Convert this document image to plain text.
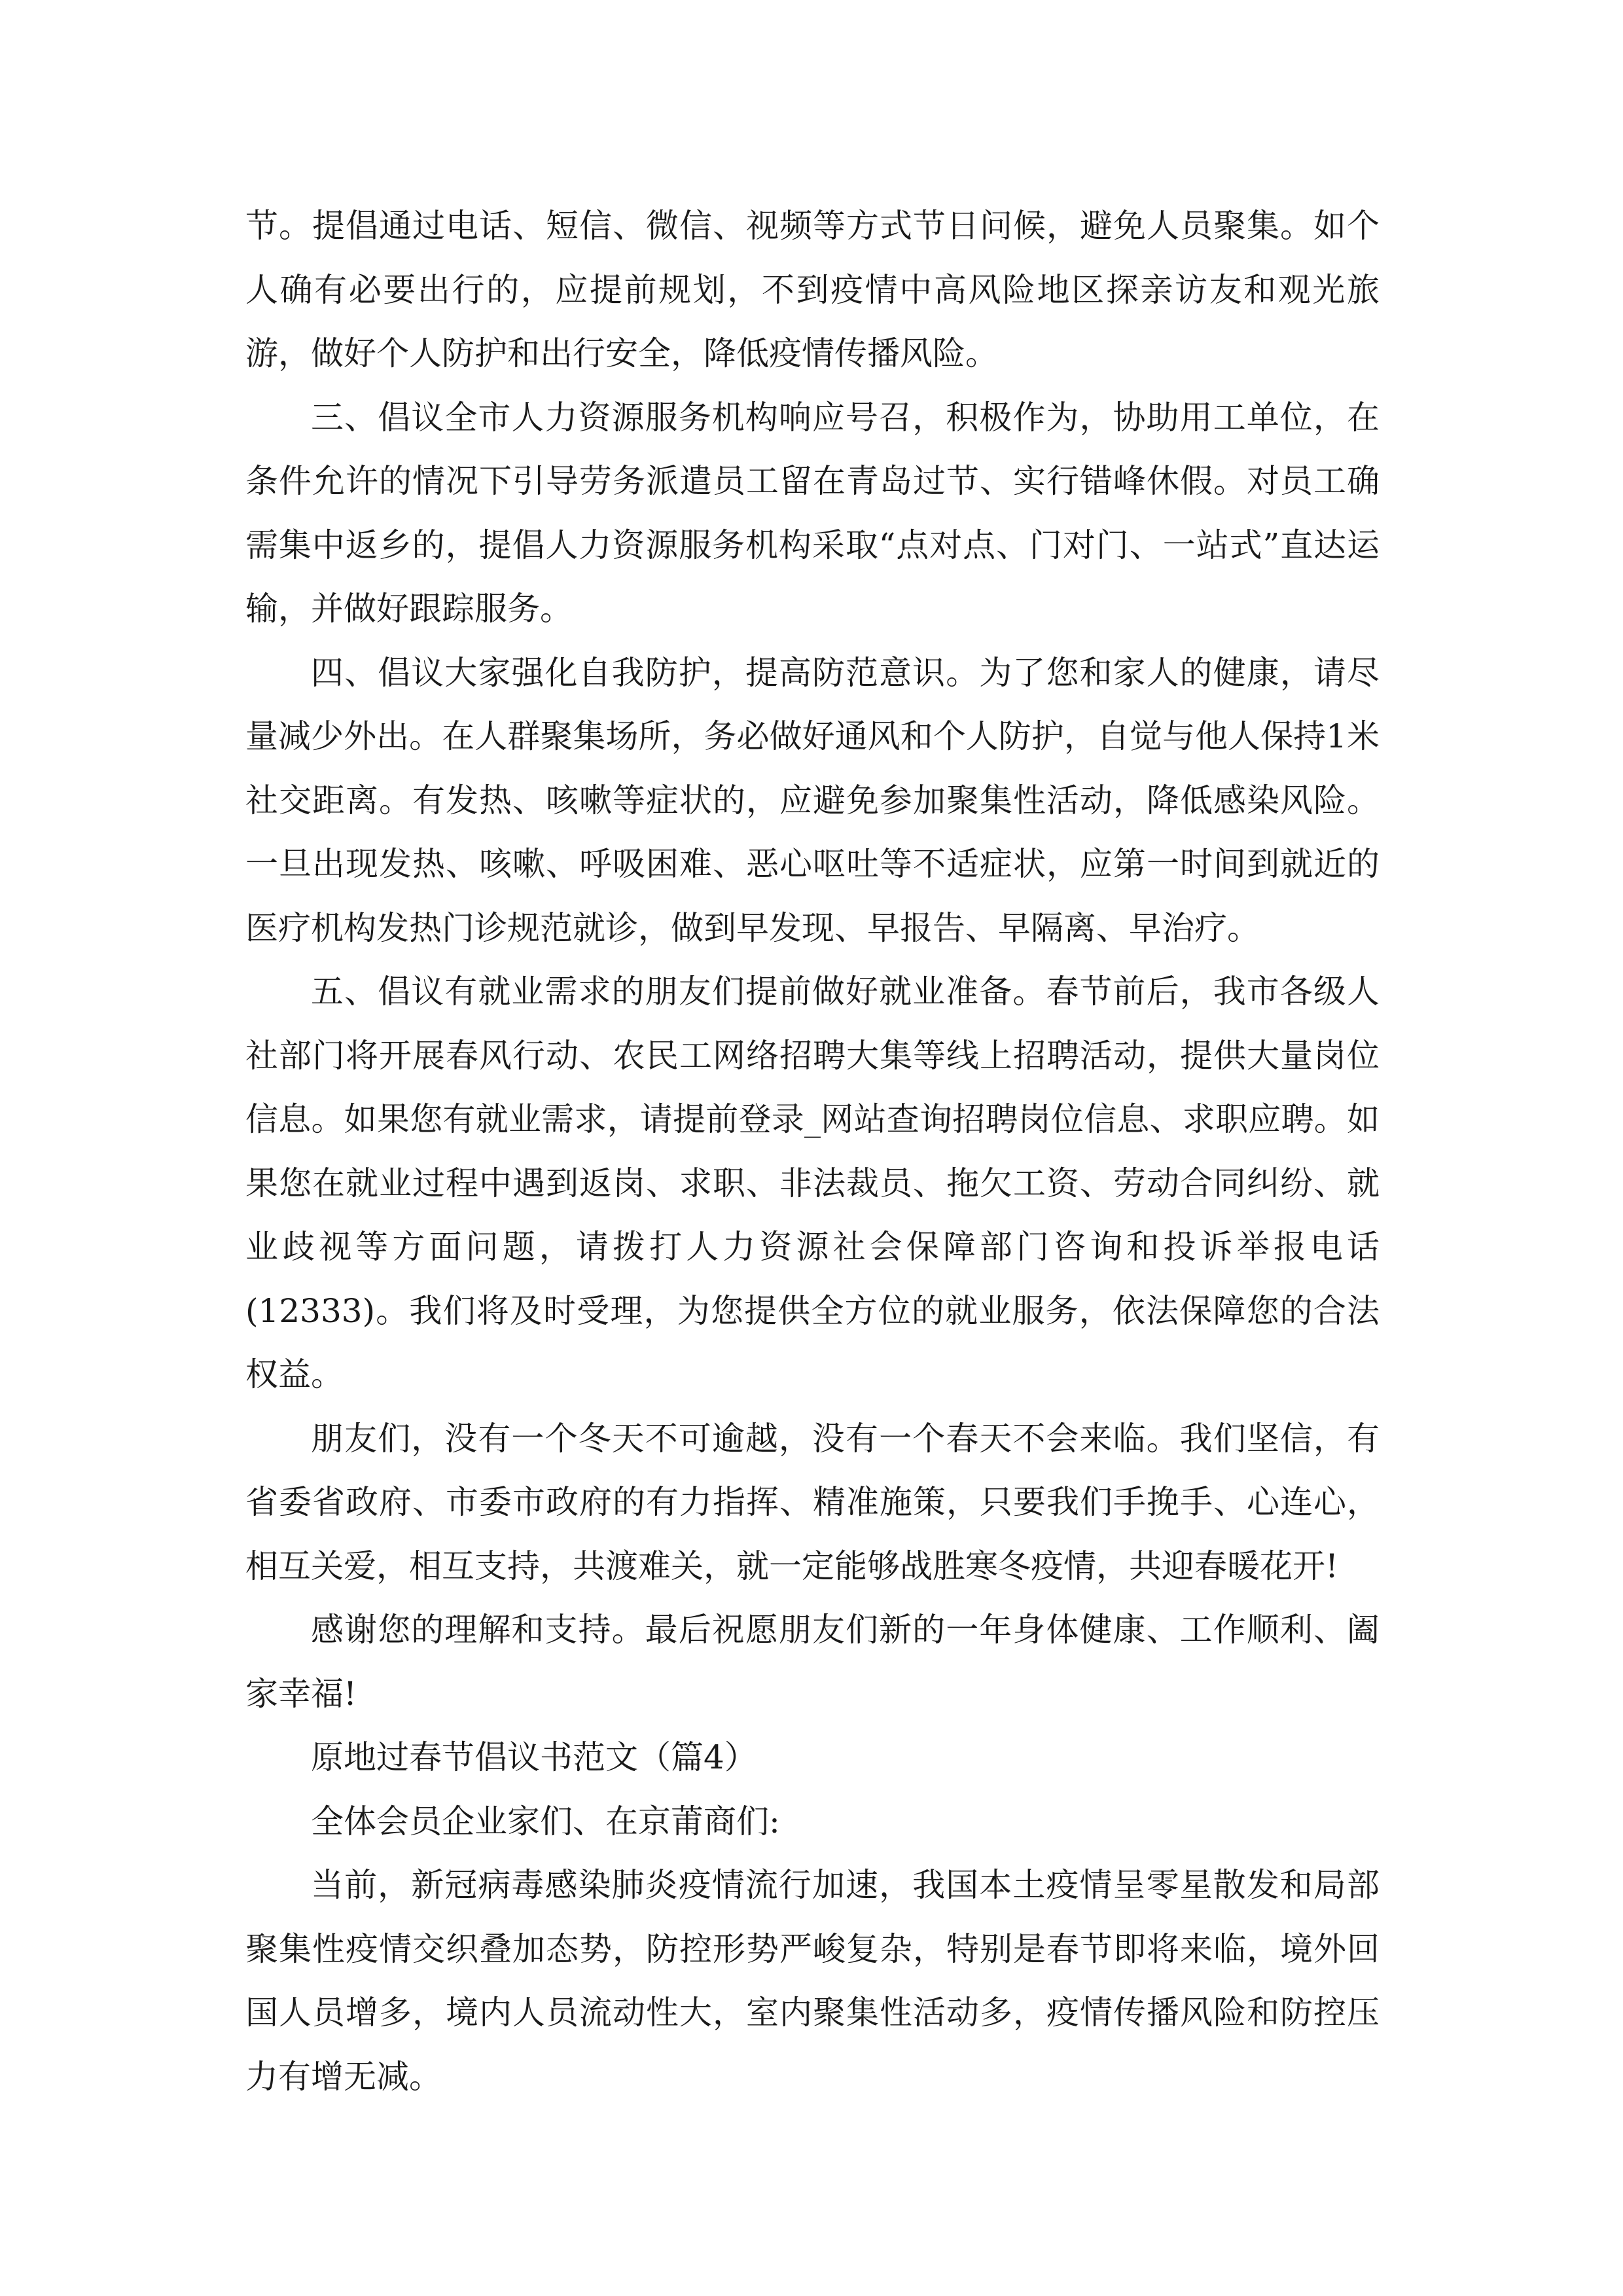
节。提倡通过电话、短信、微信、视频等方式节日问候，避免人员聚集。如个人确有必要出行的，应提前规划，不到疫情中高风险地区探亲访友和观光旅游，做好个人防护和出行安全，降低疫情传播风险。

三、倡议全市人力资源服务机构响应号召，积极作为，协助用工单位，在条件允许的情况下引导劳务派遣员工留在青岛过节、实行错峰休假。对员工确需集中返乡的，提倡人力资源服务机构采取“点对点、门对门、一站式”直达运输，并做好跟踪服务。

四、倡议大家强化自我防护，提高防范意识。为了您和家人的健康，请尽量减少外出。在人群聚集场所，务必做好通风和个人防护，自觉与他人保持1米社交距离。有发热、咳嗽等症状的，应避免参加聚集性活动，降低感染风险。一旦出现发热、咳嗽、呼吸困难、恶心呕吐等不适症状，应第一时间到就近的医疗机构发热门诊规范就诊，做到早发现、早报告、早隔离、早治疗。

五、倡议有就业需求的朋友们提前做好就业准备。春节前后，我市各级人社部门将开展春风行动、农民工网络招聘大集等线上招聘活动，提供大量岗位信息。如果您有就业需求，请提前登录_网站查询招聘岗位信息、求职应聘。如果您在就业过程中遇到返岗、求职、非法裁员、拖欠工资、劳动合同纠纷、就业歧视等方面问题，请拨打人力资源社会保障部门咨询和投诉举报电话(12333)。我们将及时受理，为您提供全方位的就业服务，依法保障您的合法权益。

朋友们，没有一个冬天不可逾越，没有一个春天不会来临。我们坚信，有省委省政府、市委市政府的有力指挥、精准施策，只要我们手挽手、心连心，相互关爱，相互支持，共渡难关，就一定能够战胜寒冬疫情，共迎春暖花开!

感谢您的理解和支持。最后祝愿朋友们新的一年身体健康、工作顺利、阖家幸福!

原地过春节倡议书范文（篇4）

全体会员企业家们、在京莆商们:

当前，新冠病毒感染肺炎疫情流行加速，我国本土疫情呈零星散发和局部聚集性疫情交织叠加态势，防控形势严峻复杂，特别是春节即将来临，境外回国人员增多，境内人员流动性大，室内聚集性活动多，疫情传播风险和防控压力有增无减。
